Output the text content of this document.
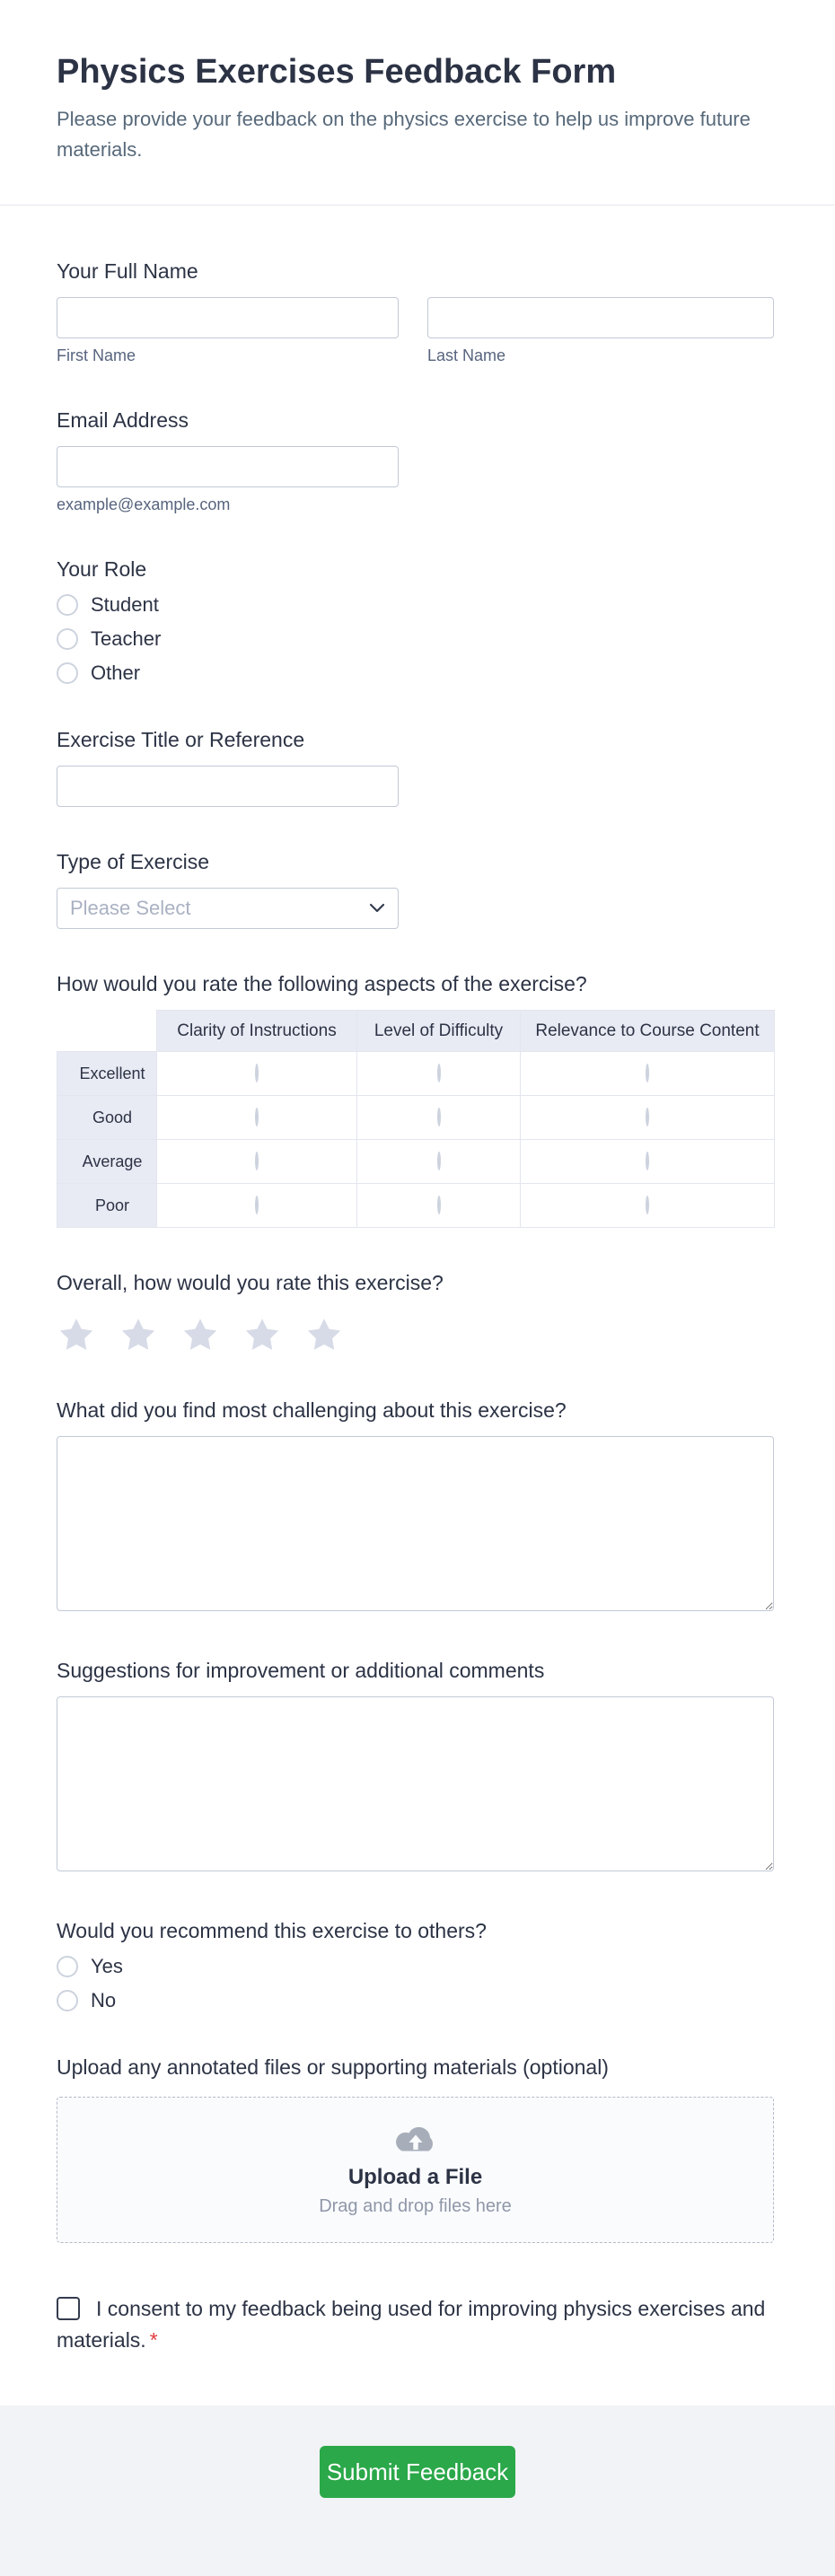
Physics Exercises Feedback Form

Please provide your feedback on the physics exercise to help us improve future materials.

Your Full Name
First Name	Last Name
Email Address
example@example.com
Your Role
Student
Teacher
Other
Exercise Title or Reference
Type of Exercise
Please Select
How would you rate the following aspects of the exercise?
	Clarity of Instructions	Level of Difficulty	Relevance to Course Content
Excellent			
Good			
Average			
Poor			
Overall, how would you rate this exercise?
What did you find most challenging about this exercise?
Suggestions for improvement or additional comments
Would you recommend this exercise to others?
Yes
No
Upload any annotated files or supporting materials (optional)
Upload a File
Drag and drop files here
I consent to my feedback being used for improving physics exercises and materials. *
Submit Feedback
